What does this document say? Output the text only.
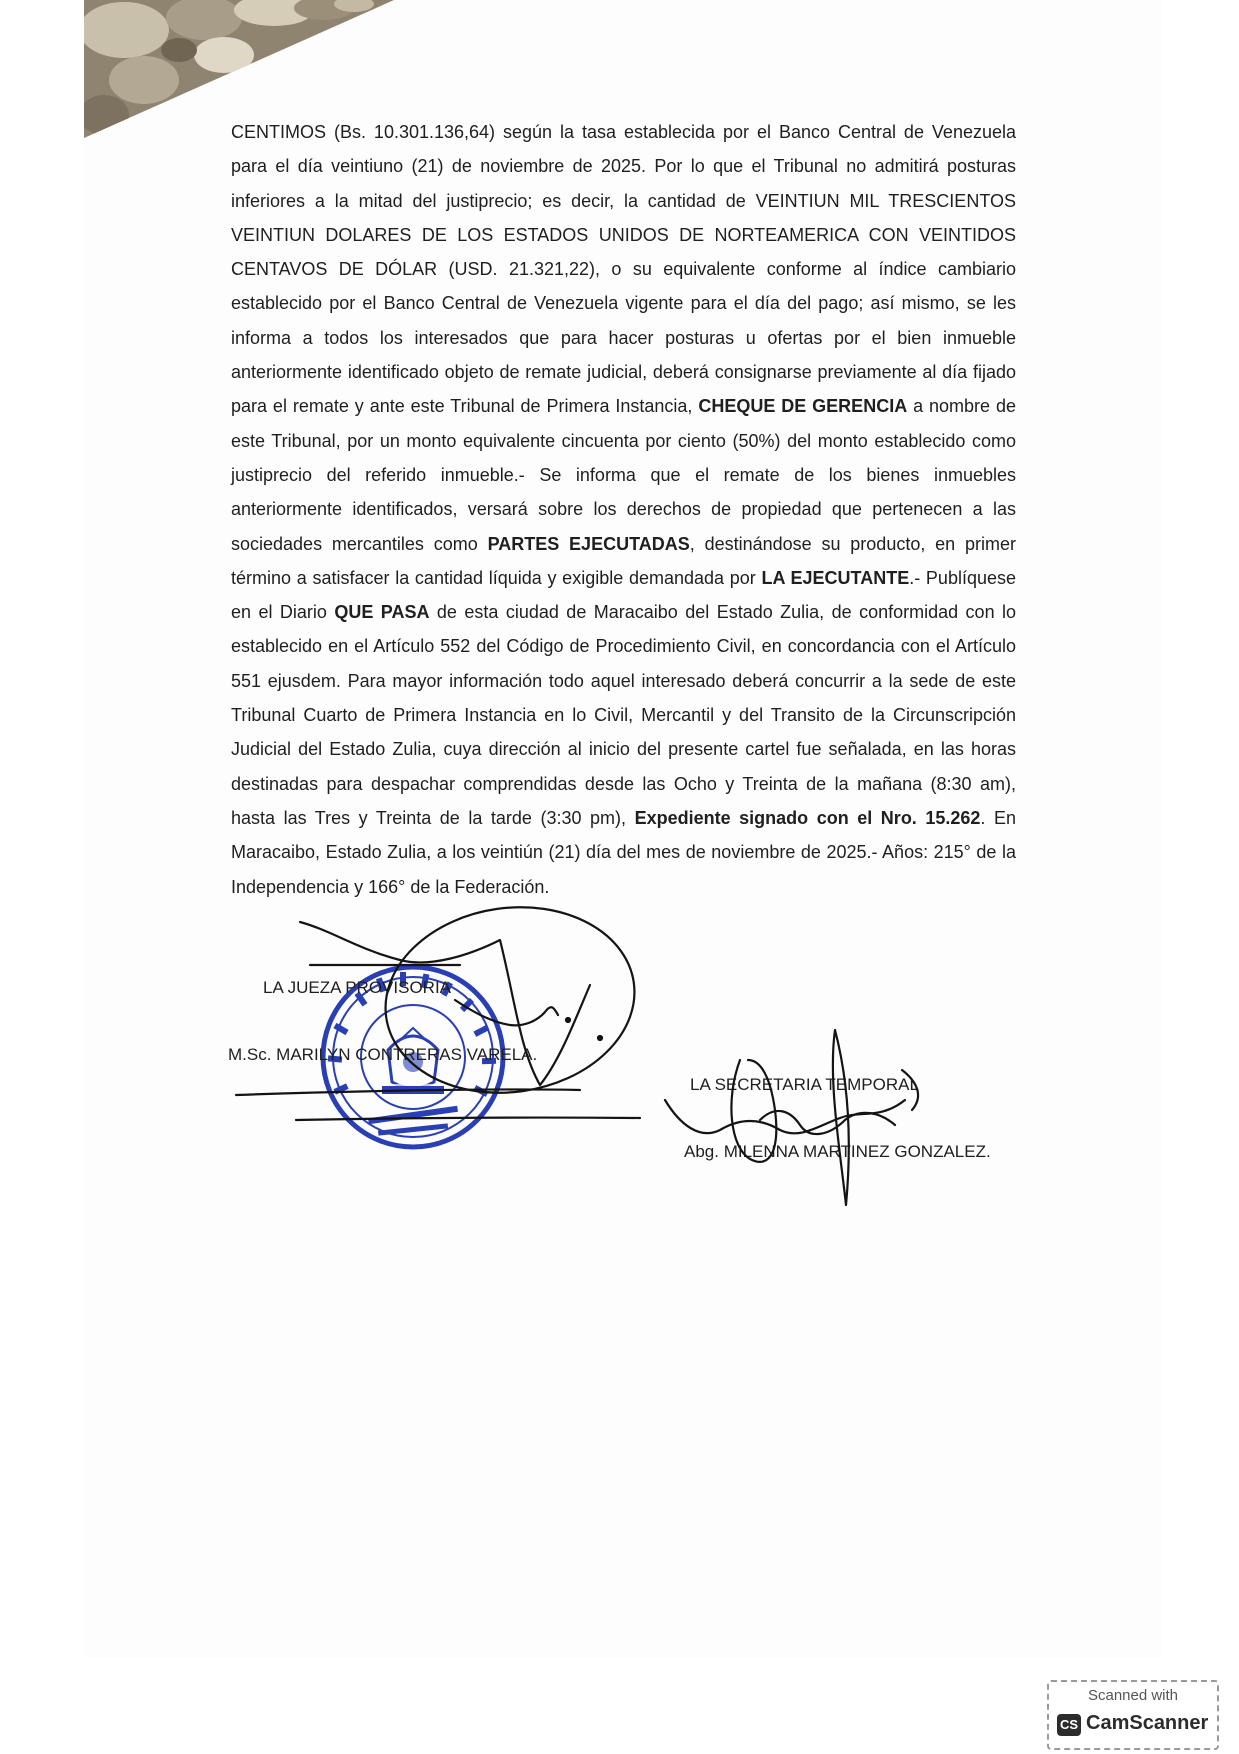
CENTIMOS (Bs. 10.301.136,64) según la tasa establecida por el Banco Central de Venezuela para el día veintiuno (21) de noviembre de 2025. Por lo que el Tribunal no admitirá posturas inferiores a la mitad del justiprecio; es decir, la cantidad de VEINTIUN MIL TRESCIENTOS VEINTIUN DOLARES DE LOS ESTADOS UNIDOS DE NORTEAMERICA CON VEINTIDOS CENTAVOS DE DÓLAR (USD. 21.321,22), o su equivalente conforme al índice cambiario establecido por el Banco Central de Venezuela vigente para el día del pago; así mismo, se les informa a todos los interesados que para hacer posturas u ofertas por el bien inmueble anteriormente identificado objeto de remate judicial, deberá consignarse previamente al día fijado para el remate y ante este Tribunal de Primera Instancia, CHEQUE DE GERENCIA a nombre de este Tribunal, por un monto equivalente cincuenta por ciento (50%) del monto establecido como justiprecio del referido inmueble.- Se informa que el remate de los bienes inmuebles anteriormente identificados, versará sobre los derechos de propiedad que pertenecen a las sociedades mercantiles como PARTES EJECUTADAS, destinándose su producto, en primer término a satisfacer la cantidad líquida y exigible demandada por LA EJECUTANTE.- Publíquese en el Diario QUE PASA de esta ciudad de Maracaibo del Estado Zulia, de conformidad con lo establecido en el Artículo 552 del Código de Procedimiento Civil, en concordancia con el Artículo 551 ejusdem. Para mayor información todo aquel interesado deberá concurrir a la sede de este Tribunal Cuarto de Primera Instancia en lo Civil, Mercantil y del Transito de la Circunscripción Judicial del Estado Zulia, cuya dirección al inicio del presente cartel fue señalada, en las horas destinadas para despachar comprendidas desde las Ocho y Treinta de la mañana (8:30 am), hasta las Tres y Treinta de la tarde (3:30 pm), Expediente signado con el Nro. 15.262. En Maracaibo, Estado Zulia, a los veintiún (21) día del mes de noviembre de 2025.- Años: 215° de la Independencia y 166° de la Federación.

LA JUEZA PROVISORIA
M.Sc. MARILYN CONTRERAS VARELA.
LA SECRETARIA TEMPORAL
Abg. MILENNA MARTINEZ GONZALEZ.
Scanned with
CS CamScanner
